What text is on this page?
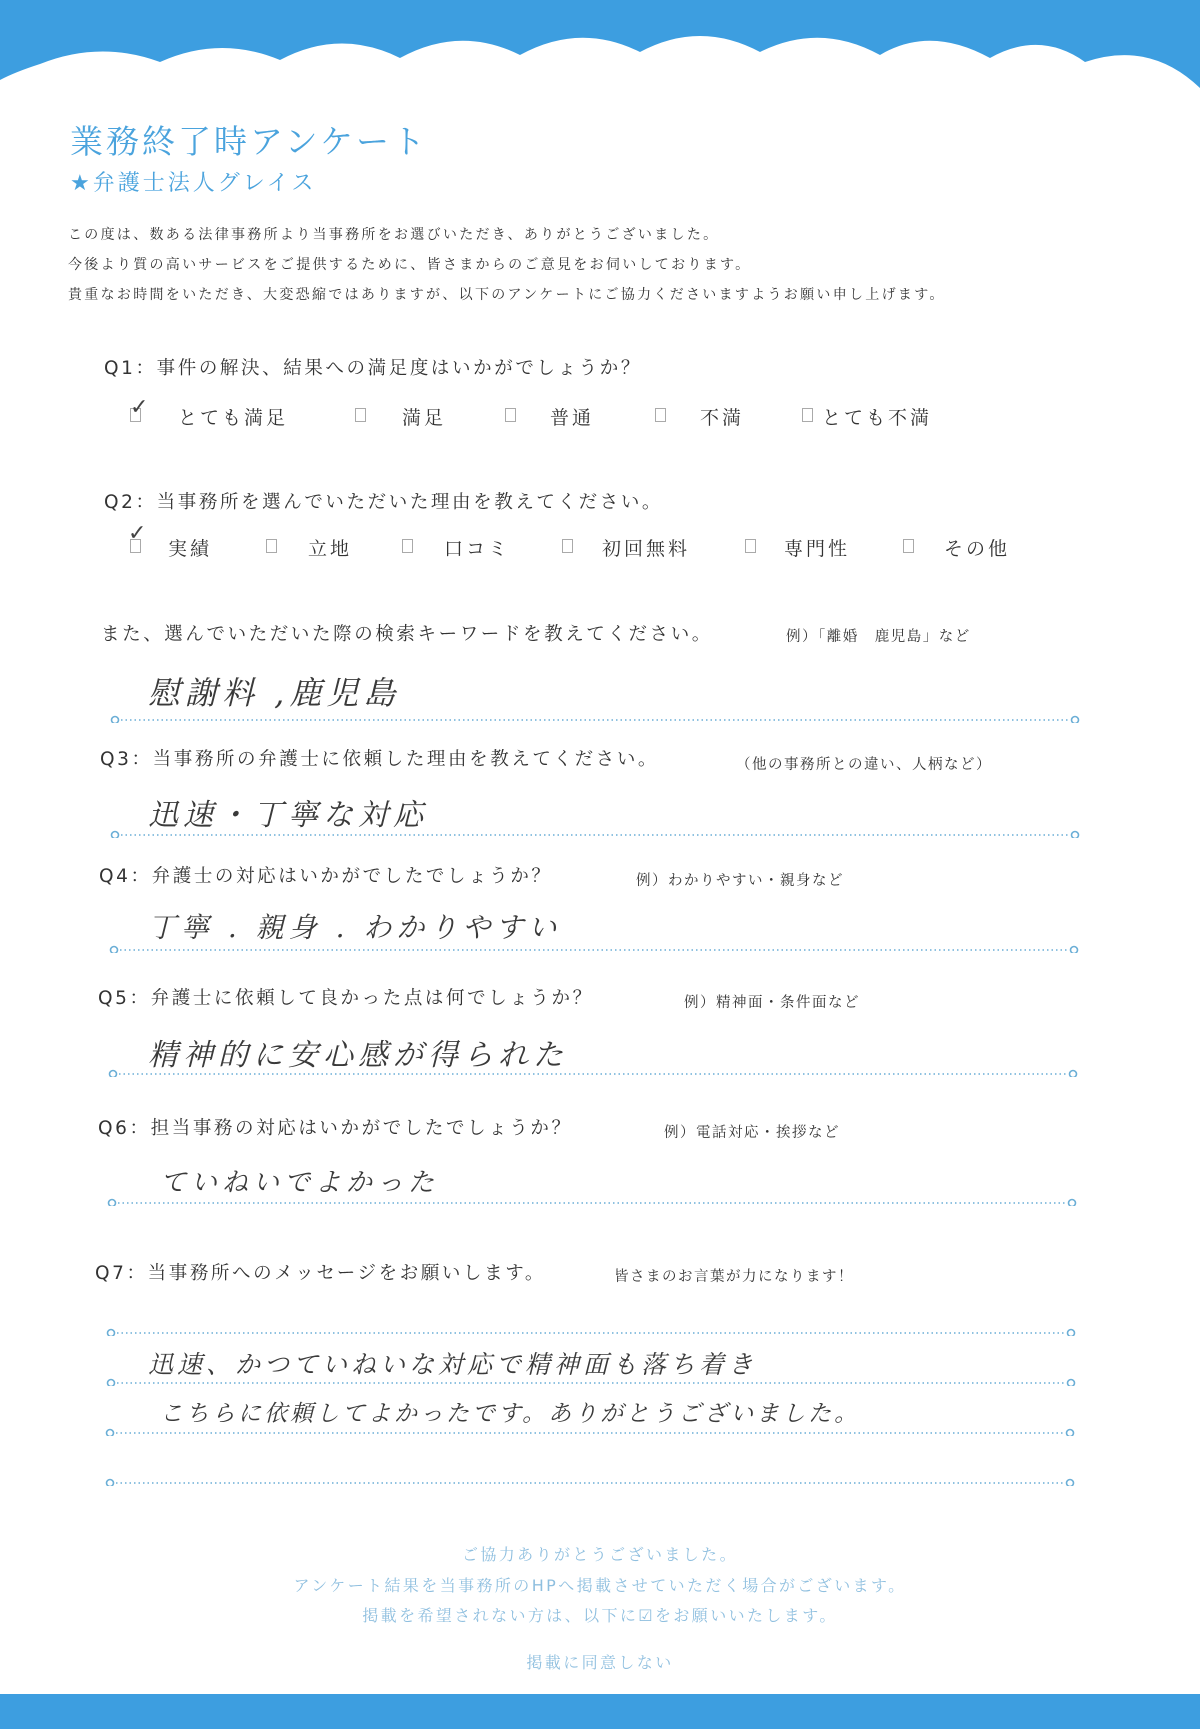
業務終了時アンケート
★弁護士法人グレイス
この度は、数ある法律事務所より当事務所をお選びいただき、ありがとうございました。
今後より質の高いサービスをご提供するために、皆さまからのご意見をお伺いしております。
貴重なお時間をいただき、大変恐縮ではありますが、以下のアンケートにご協力くださいますようお願い申し上げます。
Q1：事件の解決、結果への満足度はいかがでしょうか？
✓ とても満足	満足	普通	不満	とても不満
Q2：当事務所を選んでいただいた理由を教えてください。
✓
実績	立地	口コミ	初回無料	専門性	その他
また、選んでいただいた際の検索キーワードを教えてください。	例）「離婚　鹿児島」など
慰謝料 ,鹿児島
Q3：当事務所の弁護士に依頼した理由を教えてください。	（他の事務所との違い、人柄など）
迅速・丁寧な対応
Q4：弁護士の対応はいかがでしたでしょうか？	例）わかりやすい・親身など
丁寧 . 親身 . わかりやすい
Q5：弁護士に依頼して良かった点は何でしょうか？	例）精神面・条件面など
精神的に安心感が得られた
Q6：担当事務の対応はいかがでしたでしょうか？	例）電話対応・挨拶など
ていねいでよかった
Q7：当事務所へのメッセージをお願いします。	皆さまのお言葉が力になります！
迅速、かつていねいな対応で精神面も落ち着き
こちらに依頼してよかったです。ありがとうございました。
ご協力ありがとうございました。
アンケート結果を当事務所のHPへ掲載させていただく場合がございます。
掲載を希望されない方は、以下に☑をお願いいたします。
掲載に同意しない
